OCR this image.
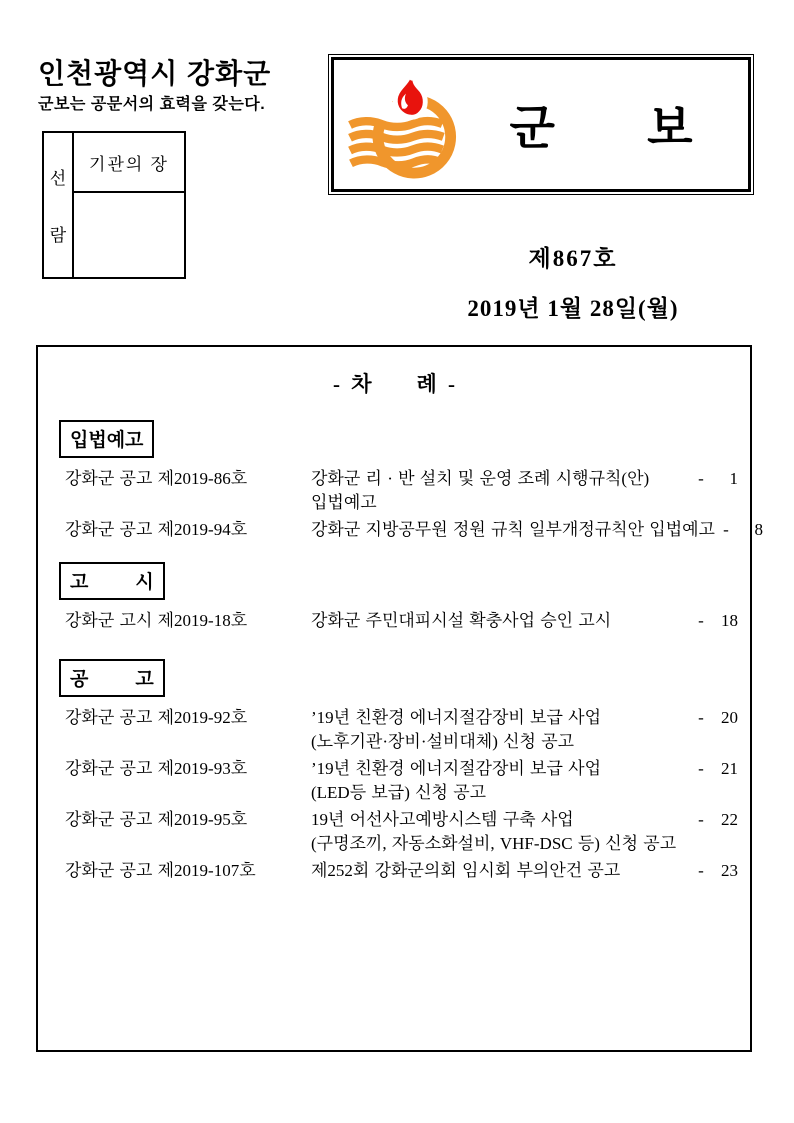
인천광역시 강화군
군보는 공문서의 효력을 갖는다.
선
람
기관의 장
군   보
제867호
2019년 1월 28일(월)
- 차    례 -
입법예고
강화군 공고 제2019-86호	강화군 리 · 반 설치 및 운영 조례 시행규칙(안)	-	1
입법예고
강화군 공고 제2019-94호	강화군 지방공무원 정원 규칙 일부개정규칙안 입법예고 -	8
고    시
강화군 고시 제2019-18호	강화군 주민대피시설 확충사업 승인 고시	-	18
공    고
강화군 공고 제2019-92호	’19년 친환경 에너지절감장비 보급 사업	-	20
(노후기관·장비·설비대체) 신청 공고
강화군 공고 제2019-93호	’19년 친환경 에너지절감장비 보급 사업	-	21
(LED등 보급) 신청 공고
강화군 공고 제2019-95호	19년 어선사고예방시스템 구축 사업	-	22
(구명조끼, 자동소화설비, VHF-DSC 등) 신청 공고
강화군 공고 제2019-107호	제252회 강화군의회 임시회 부의안건 공고	-	23
